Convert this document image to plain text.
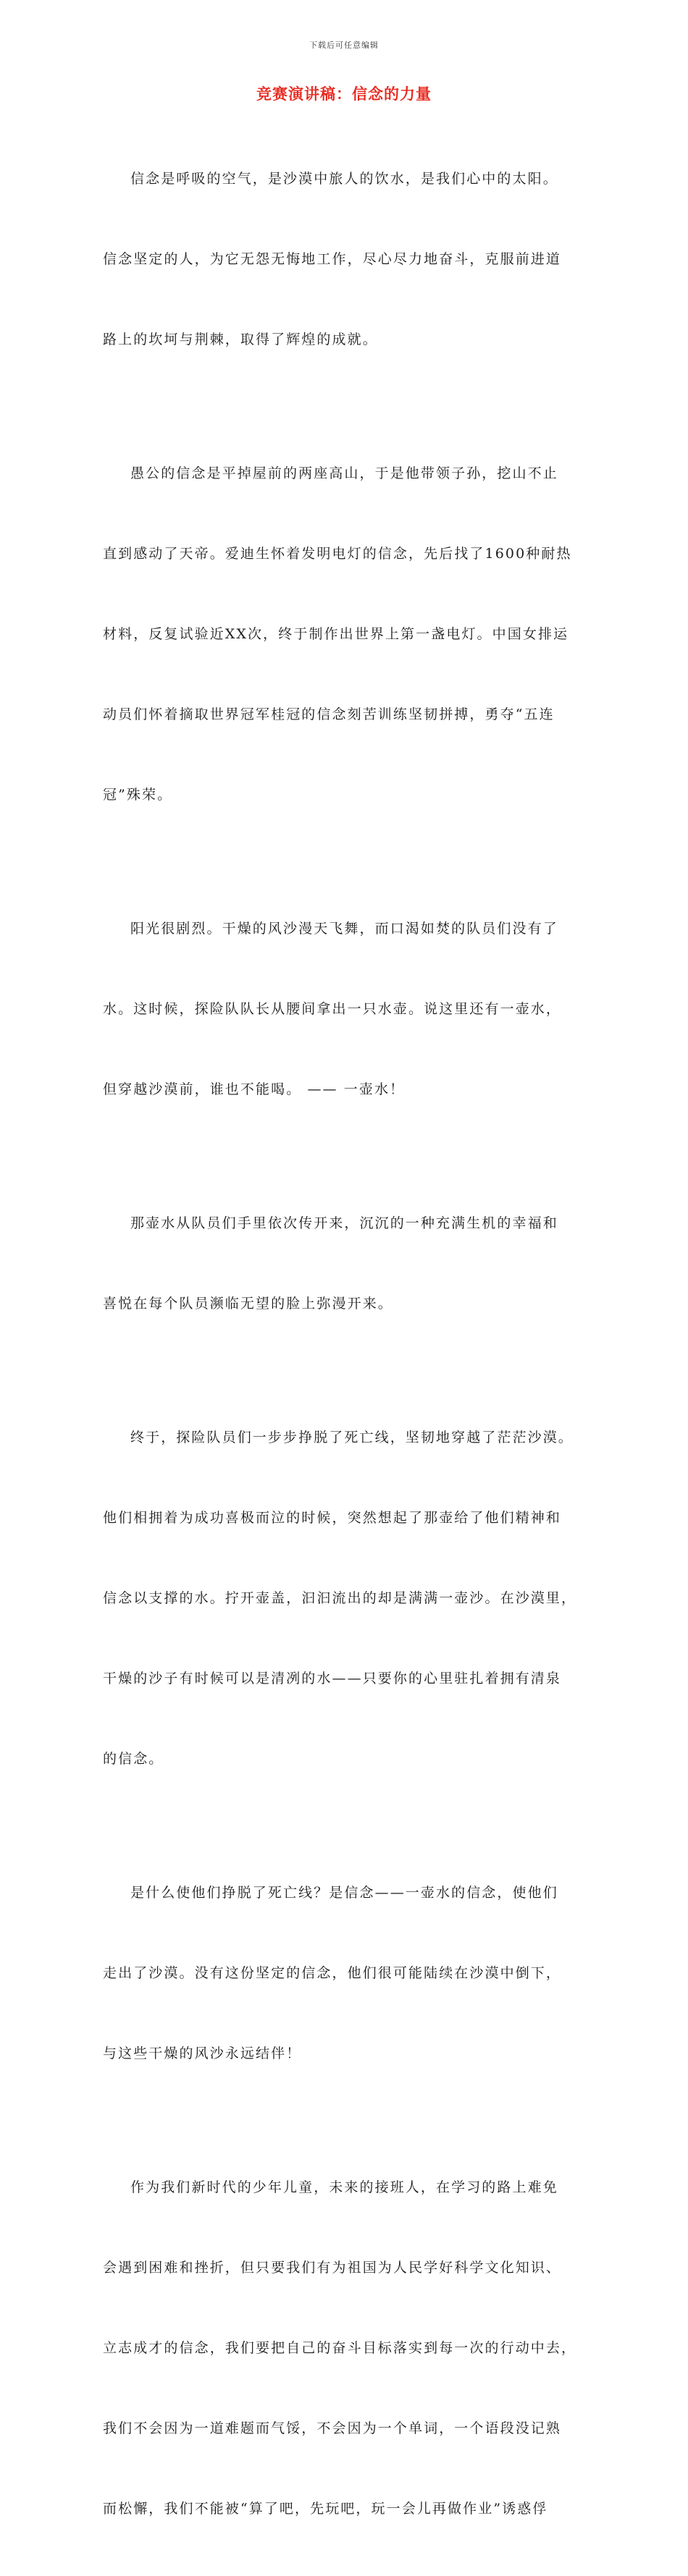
下载后可任意编辑
竞赛演讲稿：信念的力量

信念是呼吸的空气，是沙漠中旅人的饮水，是我们心中的太阳。

信念坚定的人，为它无怨无悔地工作，尽心尽力地奋斗，克服前进道

路上的坎坷与荆棘，取得了辉煌的成就。

愚公的信念是平掉屋前的两座高山，于是他带领子孙，挖山不止

直到感动了天帝。爱迪生怀着发明电灯的信念，先后找了1600种耐热

材料，反复试验近XX次，终于制作出世界上第一盏电灯。中国女排运

动员们怀着摘取世界冠军桂冠的信念刻苦训练坚韧拼搏，勇夺“五连

冠”殊荣。

阳光很剧烈。干燥的风沙漫天飞舞，而口渴如焚的队员们没有了

水。这时候，探险队队长从腰间拿出一只水壶。说这里还有一壶水，

但穿越沙漠前，谁也不能喝。 —— 一壶水！

那壶水从队员们手里依次传开来，沉沉的一种充满生机的幸福和

喜悦在每个队员濒临无望的脸上弥漫开来。

终于，探险队员们一步步挣脱了死亡线，坚韧地穿越了茫茫沙漠。

他们相拥着为成功喜极而泣的时候，突然想起了那壶给了他们精神和

信念以支撑的水。拧开壶盖，汩汩流出的却是满满一壶沙。在沙漠里，

干燥的沙子有时候可以是清冽的水——只要你的心里驻扎着拥有清泉

的信念。

是什么使他们挣脱了死亡线？是信念——一壶水的信念，使他们

走出了沙漠。没有这份坚定的信念，他们很可能陆续在沙漠中倒下，

与这些干燥的风沙永远结伴！

作为我们新时代的少年儿童，未来的接班人，在学习的路上难免

会遇到困难和挫折，但只要我们有为祖国为人民学好科学文化知识、

立志成才的信念，我们要把自己的奋斗目标落实到每一次的行动中去，

我们不会因为一道难题而气馁，不会因为一个单词，一个语段没记熟

而松懈，我们不能被“算了吧，先玩吧，玩一会儿再做作业”诱惑俘
